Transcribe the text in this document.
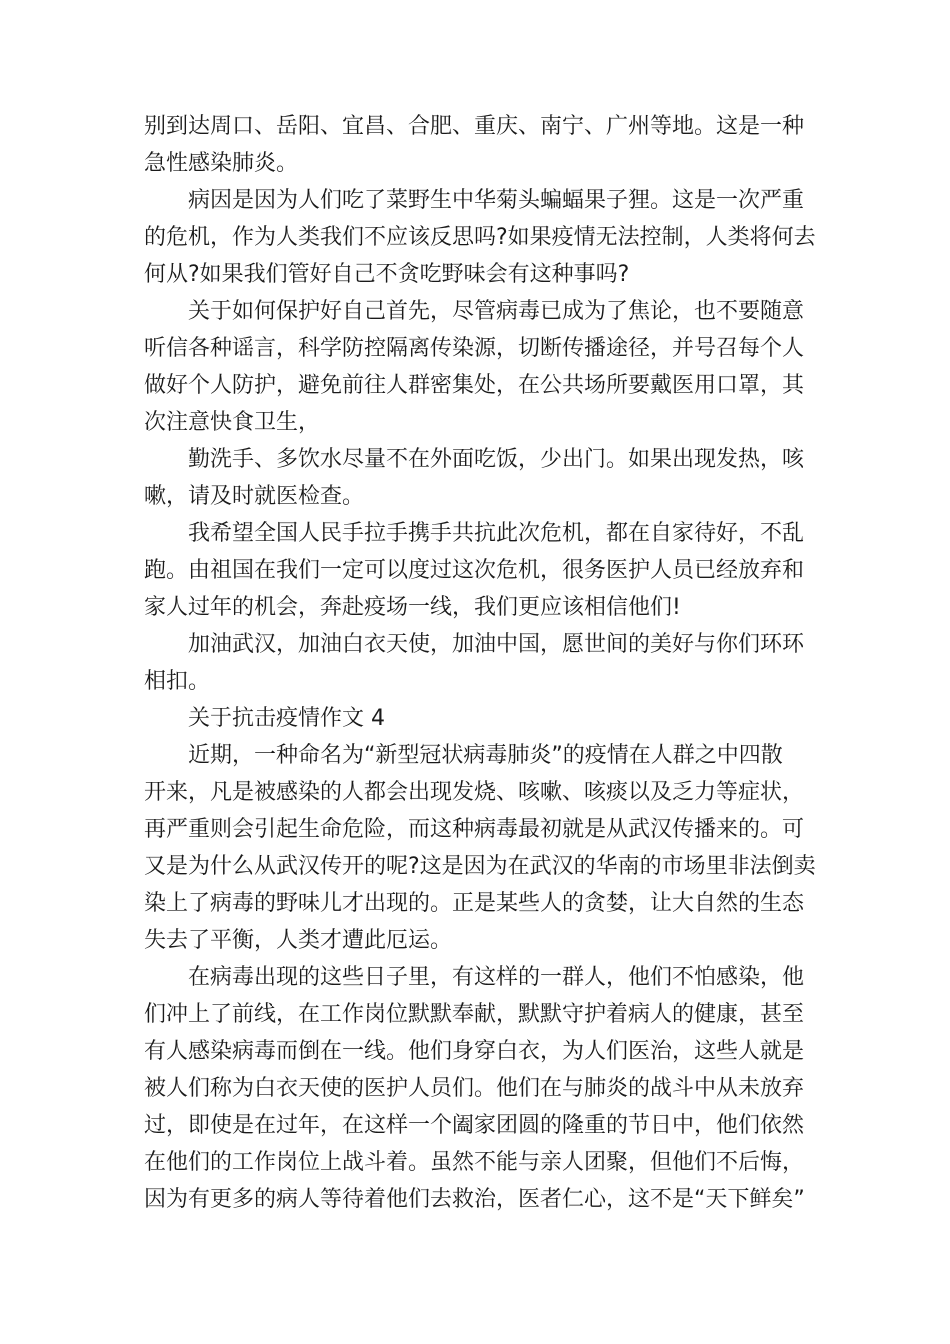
别到达周口、岳阳、宜昌、合肥、重庆、南宁、广州等地。这是一种
急性感染肺炎。
病因是因为人们吃了菜野生中华菊头蝙蝠果子狸。这是一次严重
的危机，作为人类我们不应该反思吗?如果疫情无法控制，人类将何去
何从?如果我们管好自己不贪吃野味会有这种事吗?
关于如何保护好自己首先，尽管病毒已成为了焦论，也不要随意
听信各种谣言，科学防控隔离传染源，切断传播途径，并号召每个人
做好个人防护，避免前往人群密集处，在公共场所要戴医用口罩，其
次注意快食卫生，
勤洗手、多饮水尽量不在外面吃饭，少出门。如果出现发热，咳
嗽，请及时就医检查。
我希望全国人民手拉手携手共抗此次危机，都在自家待好，不乱
跑。由祖国在我们一定可以度过这次危机，很务医护人员已经放弃和
家人过年的机会，奔赴疫场一线，我们更应该相信他们!
加油武汉，加油白衣天使，加油中国，愿世间的美好与你们环环
相扣。
关于抗击疫情作文 4
近期，一种命名为“新型冠状病毒肺炎”的疫情在人群之中四散
开来，凡是被感染的人都会出现发烧、咳嗽、咳痰以及乏力等症状，
再严重则会引起生命危险，而这种病毒最初就是从武汉传播来的。可
又是为什么从武汉传开的呢?这是因为在武汉的华南的市场里非法倒卖
染上了病毒的野味儿才出现的。正是某些人的贪婪，让大自然的生态
失去了平衡，人类才遭此厄运。
在病毒出现的这些日子里，有这样的一群人，他们不怕感染，他
们冲上了前线，在工作岗位默默奉献，默默守护着病人的健康，甚至
有人感染病毒而倒在一线。他们身穿白衣，为人们医治，这些人就是
被人们称为白衣天使的医护人员们。他们在与肺炎的战斗中从未放弃
过，即使是在过年，在这样一个阖家团圆的隆重的节日中，他们依然
在他们的工作岗位上战斗着。虽然不能与亲人团聚，但他们不后悔，
因为有更多的病人等待着他们去救治，医者仁心，这不是“天下鲜矣”
